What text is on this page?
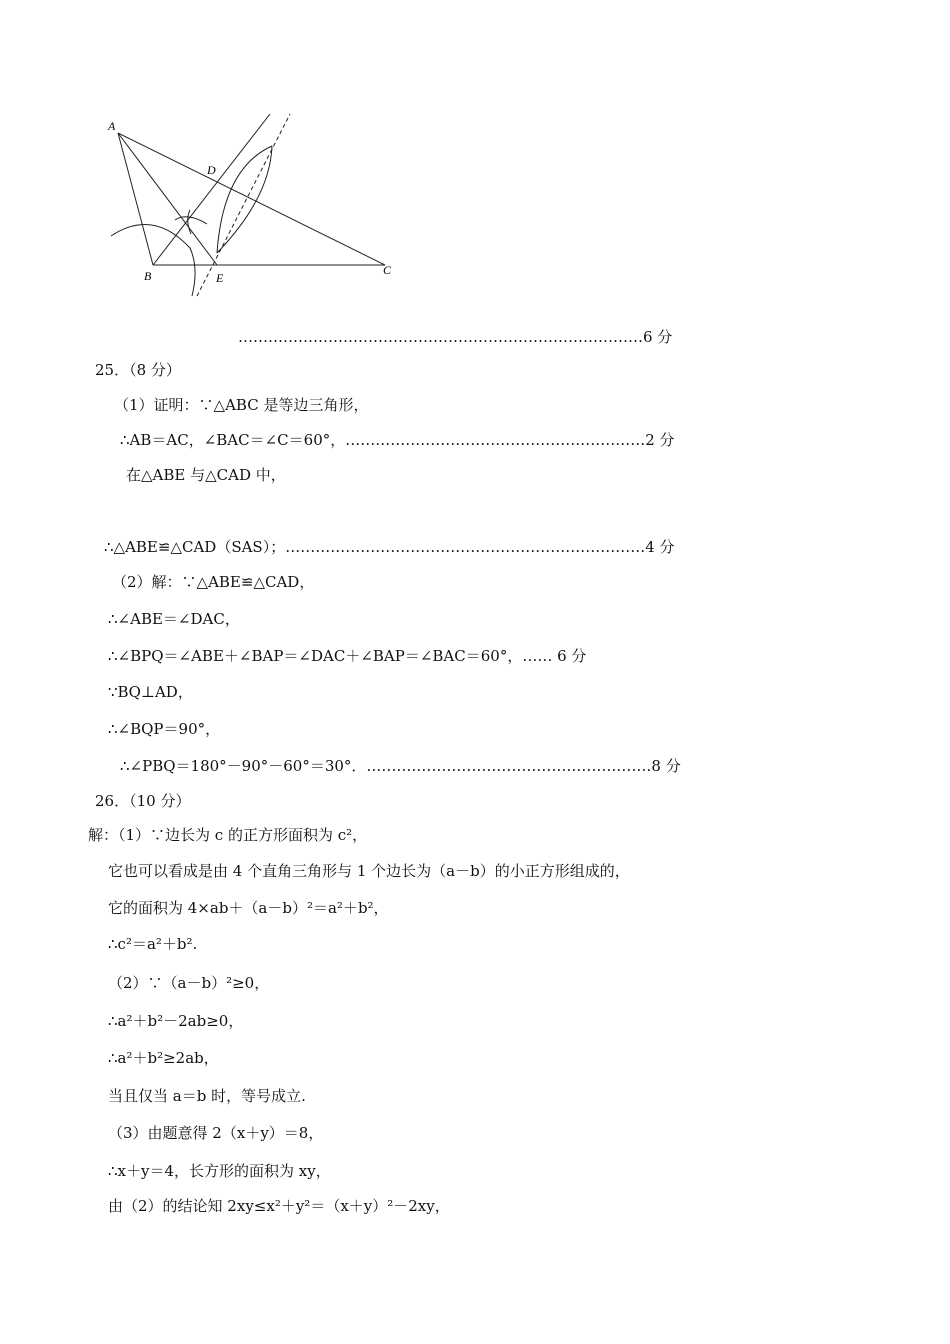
A
B	C
D
E
………………………………………………………………………6 分
25．（8 分）
（1）证明：∵△ABC 是等边三角形，
∴AB＝AC，∠BAC＝∠C＝60°，……………………………………………………2 分
在△ABE 与△CAD 中，
∴△ABE≌△CAD（SAS）；………………………………………………………………4 分
（2）解：∵△ABE≌△CAD，
∴∠ABE＝∠DAC，
∴∠BPQ＝∠ABE＋∠BAP＝∠DAC＋∠BAP＝∠BAC＝60°，…… 6 分
∵BQ⊥AD，
∴∠BQP＝90°，
∴∠PBQ＝180°－90°－60°＝30°．…………………………………………………8 分
26．（10 分）
解：（1）∵边长为 c 的正方形面积为 c²，
它也可以看成是由 4 个直角三角形与 1 个边长为（a－b）的小正方形组成的，
它的面积为 4×ab＋（a－b）²＝a²＋b²，
∴c²＝a²＋b².
（2）∵（a－b）²≥0，
∴a²＋b²－2ab≥0，
∴a²＋b²≥2ab，
当且仅当 a＝b 时，等号成立.
（3）由题意得 2（x＋y）＝8，
∴x＋y＝4，长方形的面积为 xy，
由（2）的结论知 2xy≤x²＋y²＝（x＋y）²－2xy，
